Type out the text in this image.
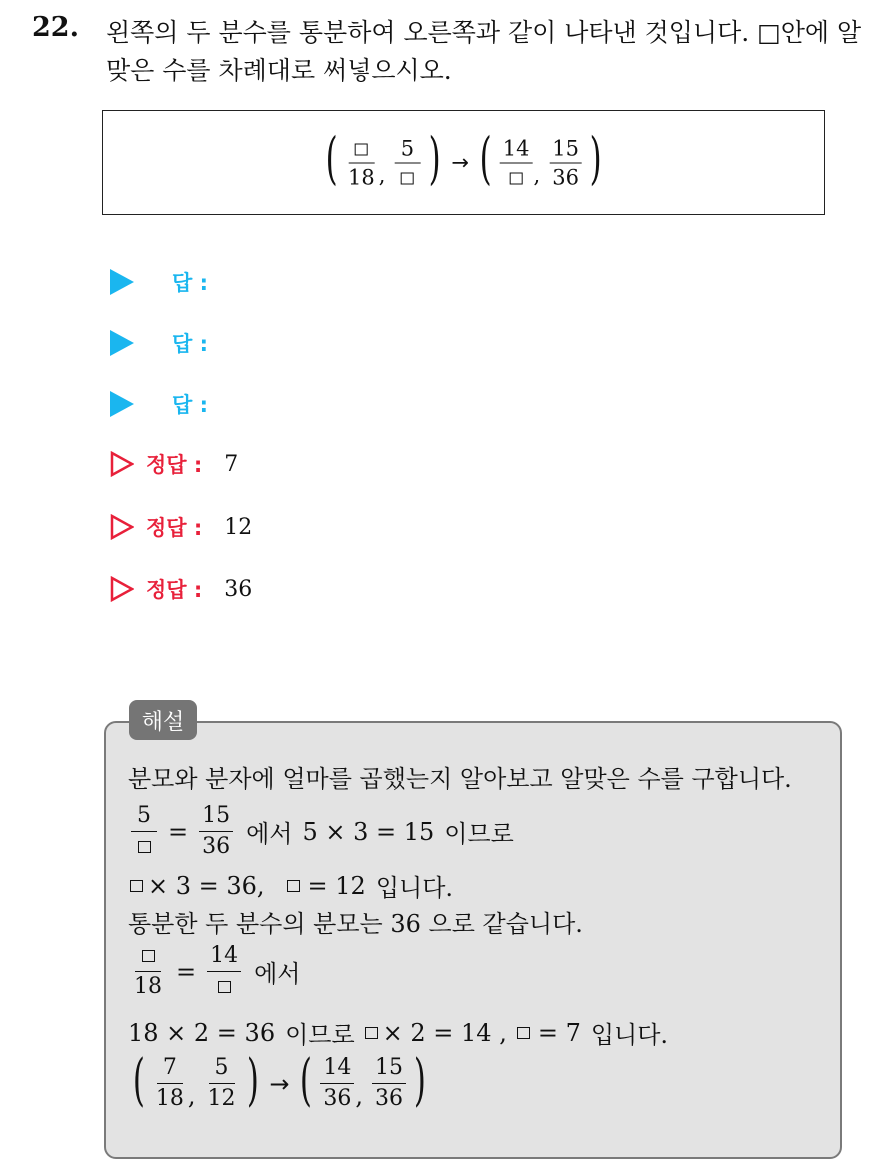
22. 왼쪽의 두 분수를 통분하여 오른쪽과 같이 나타낸 것입니다. □안에 알맞은 수를 차례대로 써넣으시오.
( 18 ,
5 ) → ( 14
, $\frac{15}{36}$ )
답 :
답 :
답 :
정답 : 7
정답 : 12
정답 : 36
해설
분모와 분자에 얼마를 곱했는지 알아보고 알맞은 수를 구합니다.
5
= $\frac{15}{36}$ 에서 5 × 3 = 15 이므로
× 3 = 36, = 12 입니다.
통분한 두 분수의 분모는 36 으로 같습니다.
18
=
14
에서
18 × 2 = 36 이므로 × 2 = 14 , = 7 입니다.
( $\frac{7}{18}$ , $\frac{5}{12}$ ) → ( $\frac{14}{36}$ , $\frac{15}{36}$ )
